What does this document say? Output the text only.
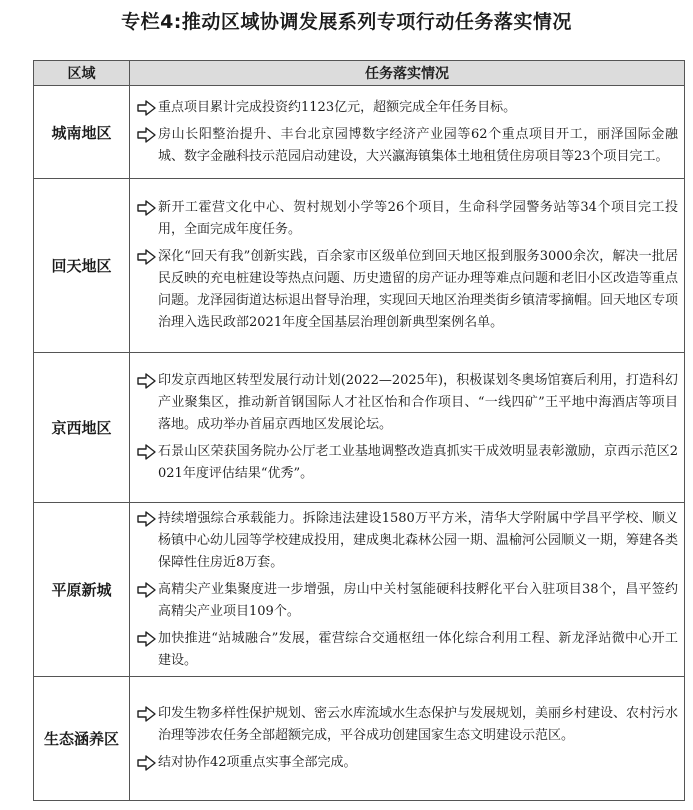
专栏4:推动区域协调发展系列专项行动任务落实情况
区域	任务落实情况
城南地区	重点项目累计完成投资约1123亿元，超额完成全年任务目标。
房山长阳整治提升、丰台北京园博数字经济产业园等62个重点项目开工，丽泽国际金融城、数字金融科技示范园启动建设，大兴瀛海镇集体土地租赁住房项目等23个项目完工。

回天地区	新开工霍营文化中心、贺村规划小学等26个项目，生命科学园警务站等34个项目完工投用，全面完成年度任务。
深化“回天有我”创新实践，百余家市区级单位到回天地区报到服务3000余次，解决一批居民反映的充电桩建设等热点问题、历史遗留的房产证办理等难点问题和老旧小区改造等重点问题。龙泽园街道达标退出督导治理，实现回天地区治理类街乡镇清零摘帽。回天地区专项治理入选民政部2021年度全国基层治理创新典型案例名单。

京西地区	印发京西地区转型发展行动计划(2022—2025年)，积极谋划冬奥场馆赛后利用，打造科幻产业聚集区，推动新首钢国际人才社区怡和合作项目、“一线四矿”王平地中海酒店等项目落地。成功举办首届京西地区发展论坛。
石景山区荣获国务院办公厅老工业基地调整改造真抓实干成效明显表彰激励，京西示范区2021年度评估结果“优秀”。

平原新城	持续增强综合承载能力。拆除违法建设1580万平方米，清华大学附属中学昌平学校、顺义杨镇中心幼儿园等学校建成投用，建成奥北森林公园一期、温榆河公园顺义一期，筹建各类保障性住房近8万套。
高精尖产业集聚度进一步增强，房山中关村氢能硬科技孵化平台入驻项目38个，昌平签约高精尖产业项目109个。
加快推进“站城融合”发展，霍营综合交通枢纽一体化综合利用工程、新龙泽站微中心开工建设。

生态涵养区	印发生物多样性保护规划、密云水库流域水生态保护与发展规划，美丽乡村建设、农村污水治理等涉农任务全部超额完成，平谷成功创建国家生态文明建设示范区。
结对协作42项重点实事全部完成。
